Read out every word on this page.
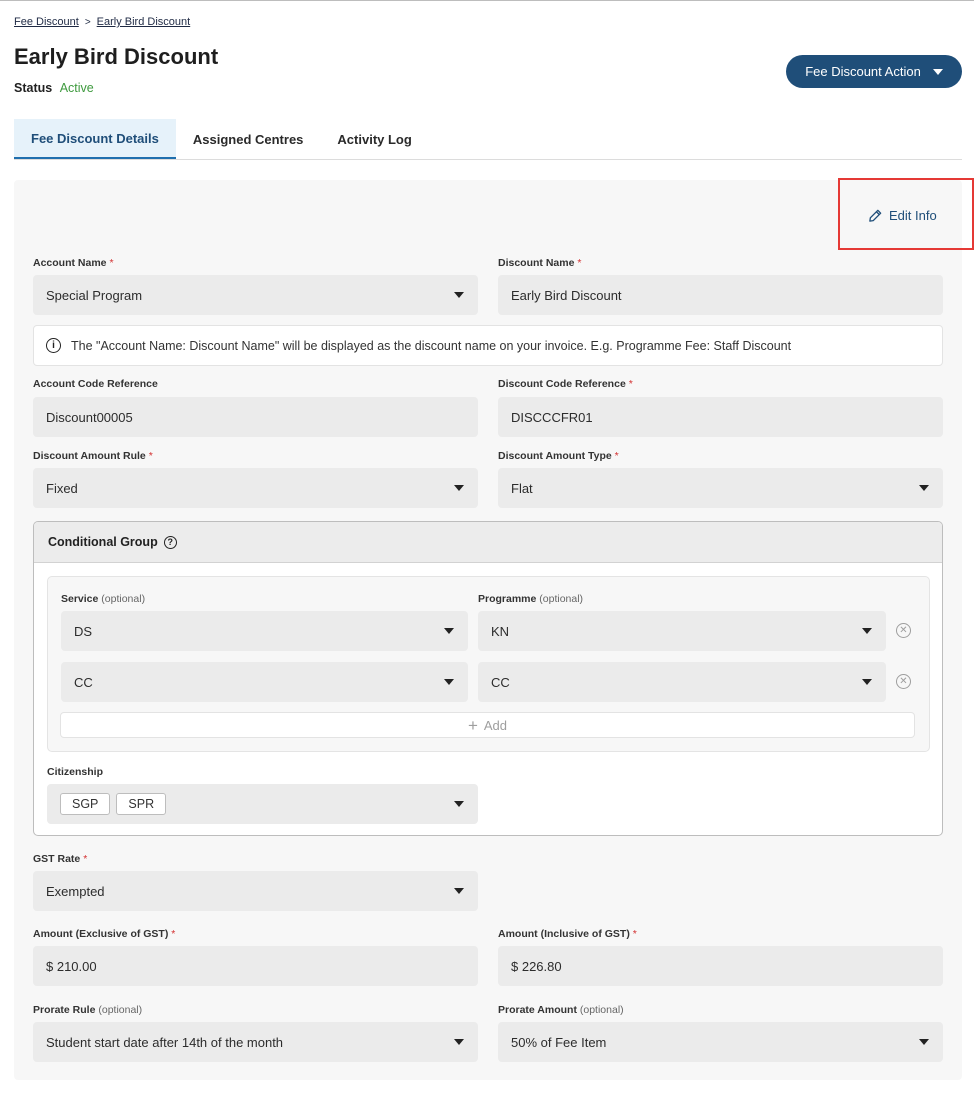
Fee Discount > Early Bird Discount
Early Bird Discount
Status Active
Fee Discount Action
Fee Discount Details	Assigned Centres	Activity Log
Edit Info
Account Name *
Special Program
Discount Name *
Early Bird Discount
i	The "Account Name: Discount Name" will be displayed as the discount name on your invoice. E.g. Programme Fee: Staff Discount
Account Code Reference
Discount00005
Discount Code Reference *
DISCCCFR01
Discount Amount Rule *
Fixed
Discount Amount Type *
Flat
Conditional Group	?
Service (optional)	Programme (optional)
DS	KN	✕
CC	CC	✕
+ Add
Citizenship
SGP	SPR
GST Rate *
Exempted
Amount (Exclusive of GST) *
$ 210.00
Amount (Inclusive of GST) *
$ 226.80
Prorate Rule (optional)
Student start date after 14th of the month
Prorate Amount (optional)
50% of Fee Item
